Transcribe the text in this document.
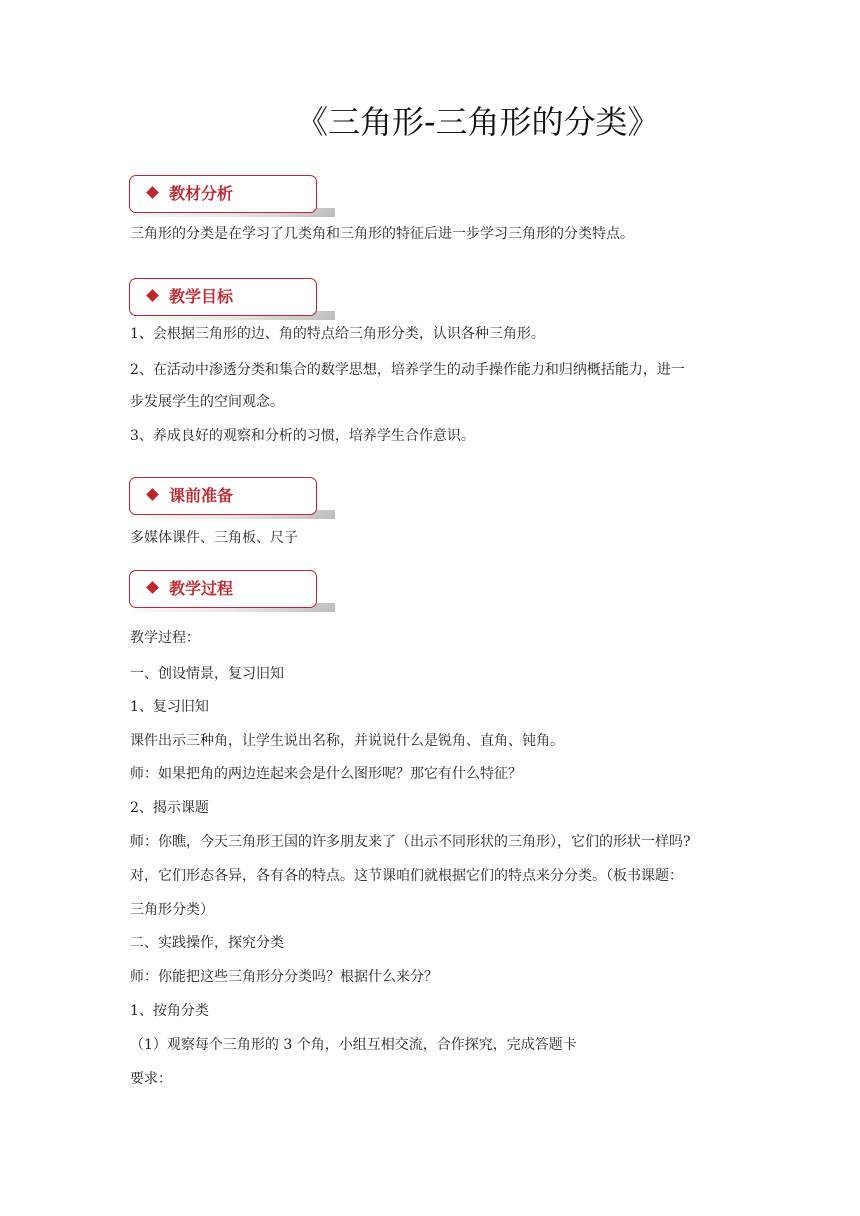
《三角形-三角形的分类》
教材分析
三角形的分类是在学习了几类角和三角形的特征后进一步学习三角形的分类特点。
教学目标
1、会根据三角形的边、角的特点给三角形分类，认识各种三角形。
2、在活动中渗透分类和集合的数学思想，培养学生的动手操作能力和归纳概括能力，进一
步发展学生的空间观念。
3、养成良好的观察和分析的习惯，培养学生合作意识。
课前准备
多媒体课件、三角板、尺子
教学过程
教学过程：
一、创设情景，复习旧知
1、复习旧知
课件出示三种角，让学生说出名称，并说说什么是锐角、直角、钝角。
师：如果把角的两边连起来会是什么图形呢？那它有什么特征？
2、揭示课题
师：你瞧，今天三角形王国的许多朋友来了（出示不同形状的三角形），它们的形状一样吗?
对，它们形态各异，各有各的特点。这节课咱们就根据它们的特点来分分类。（板书课题：
三角形分类）
二、实践操作，探究分类
师：你能把这些三角形分分类吗？根据什么来分？
1、按角分类
（1）观察每个三角形的 3 个角，小组互相交流，合作探究，完成答题卡
要求：
